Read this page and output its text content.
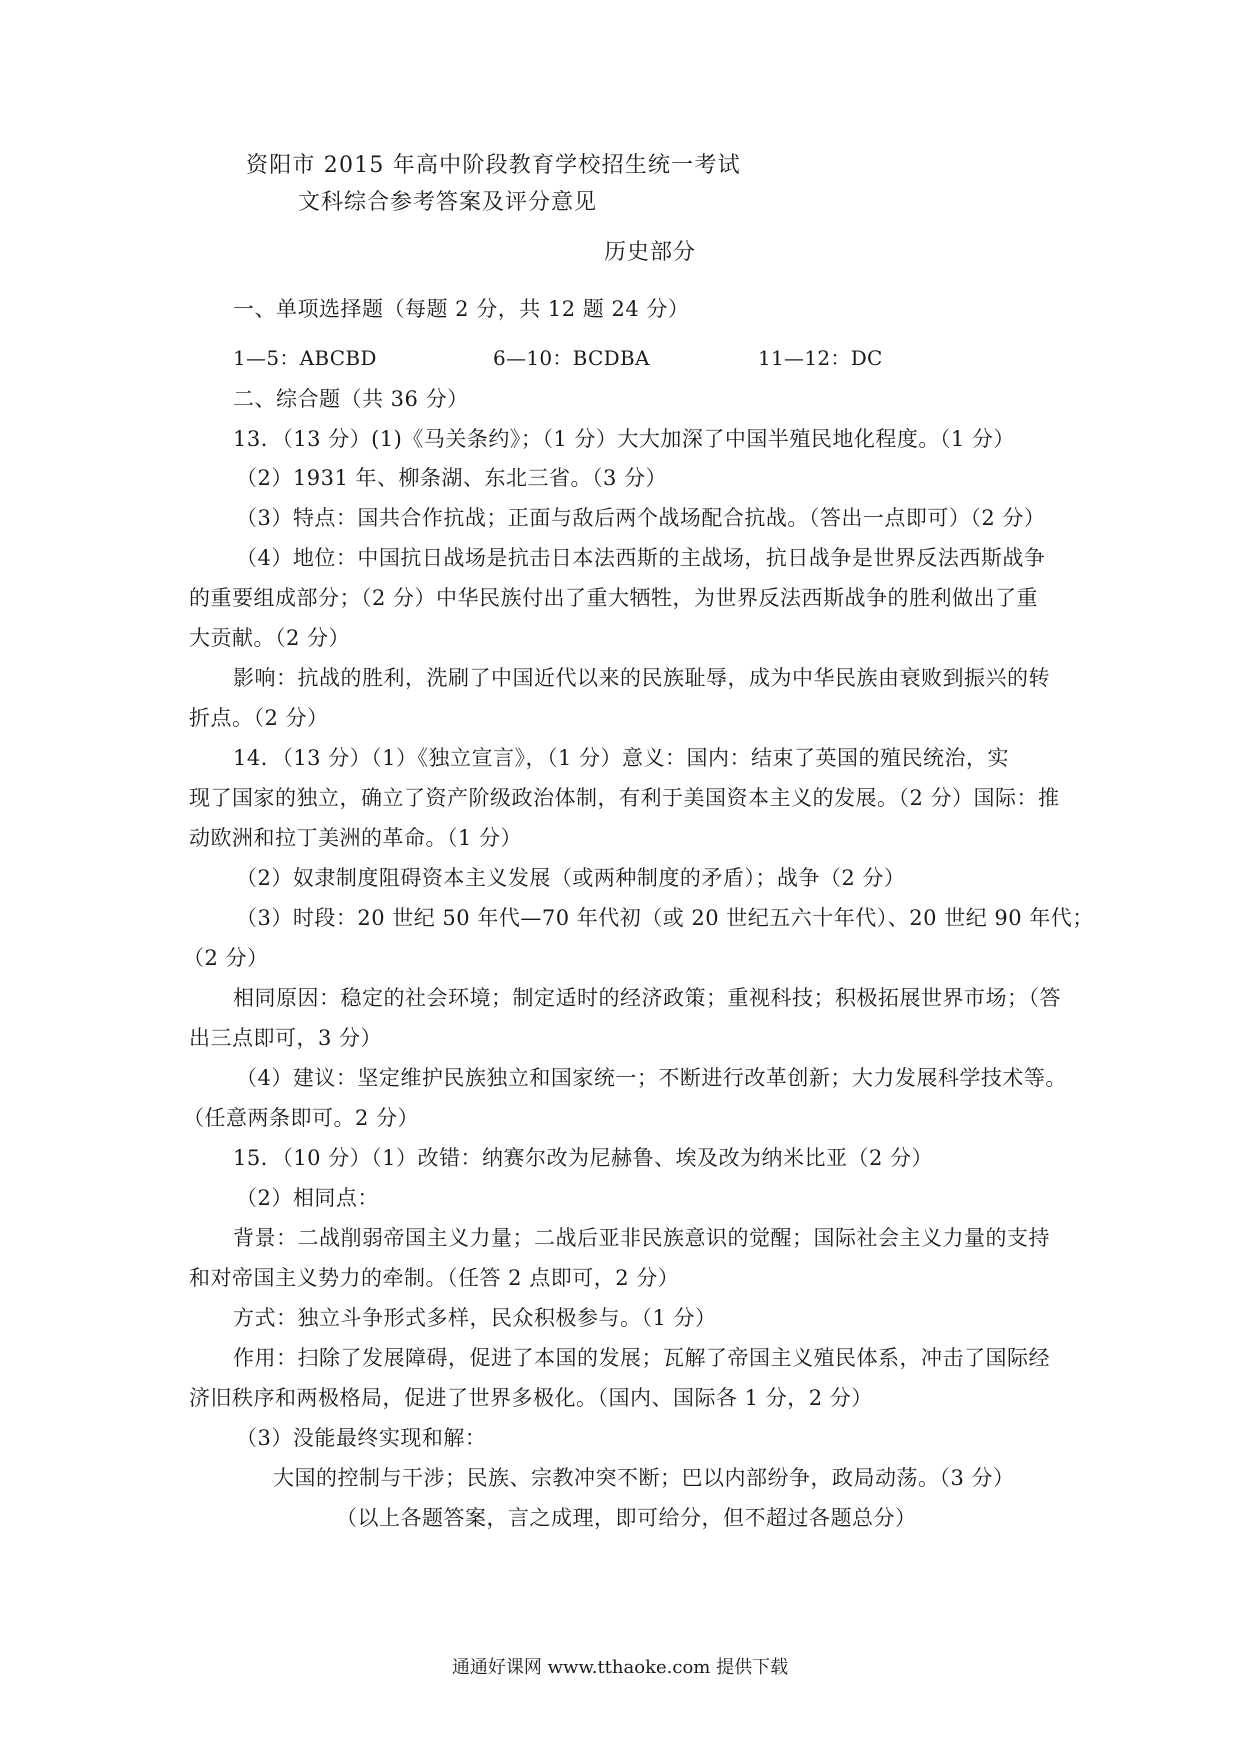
资阳市 2015 年高中阶段教育学校招生统一考试
文科综合参考答案及评分意见
历史部分
一、单项选择题（每题 2 分，共 12 题 24 分）
1—5：ABCBD	6—10：BCDBA	11—12：DC
二、综合题（共 36 分）
13．（13 分）(1)《马关条约》；（1 分）大大加深了中国半殖民地化程度。（1 分）
（2）1931 年、柳条湖、东北三省。（3 分）
（3）特点：国共合作抗战；正面与敌后两个战场配合抗战。（答出一点即可）（2 分）
（4）地位：中国抗日战场是抗击日本法西斯的主战场，抗日战争是世界反法西斯战争
的重要组成部分；（2 分）中华民族付出了重大牺牲，为世界反法西斯战争的胜利做出了重
大贡献。（2 分）
影响：抗战的胜利，洗刷了中国近代以来的民族耻辱，成为中华民族由衰败到振兴的转
折点。（2 分）
14．（13 分）（1）《独立宣言》，（1 分）意义：国内：结束了英国的殖民统治，实
现了国家的独立，确立了资产阶级政治体制，有利于美国资本主义的发展。（2 分）国际：推
动欧洲和拉丁美洲的革命。（1 分）
（2）奴隶制度阻碍资本主义发展（或两种制度的矛盾）；战争（2 分）
（3）时段：20 世纪 50 年代—70 年代初（或 20 世纪五六十年代）、20 世纪 90 年代；
（2 分）
相同原因：稳定的社会环境；制定适时的经济政策；重视科技；积极拓展世界市场；（答
出三点即可，3 分）
（4）建议：坚定维护民族独立和国家统一；不断进行改革创新；大力发展科学技术等。
（任意两条即可。2 分）
15．（10 分）（1）改错：纳赛尔改为尼赫鲁、埃及改为纳米比亚（2 分）
（2）相同点：
背景：二战削弱帝国主义力量；二战后亚非民族意识的觉醒；国际社会主义力量的支持
和对帝国主义势力的牵制。（任答 2 点即可，2 分）
方式：独立斗争形式多样，民众积极参与。（1 分）
作用：扫除了发展障碍，促进了本国的发展；瓦解了帝国主义殖民体系，冲击了国际经
济旧秩序和两极格局，促进了世界多极化。（国内、国际各 1 分，2 分）
（3）没能最终实现和解：
大国的控制与干涉；民族、宗教冲突不断；巴以内部纷争，政局动荡。（3 分）
（以上各题答案，言之成理，即可给分，但不超过各题总分）
通通好课网 www.tthaoke.com 提供下载
